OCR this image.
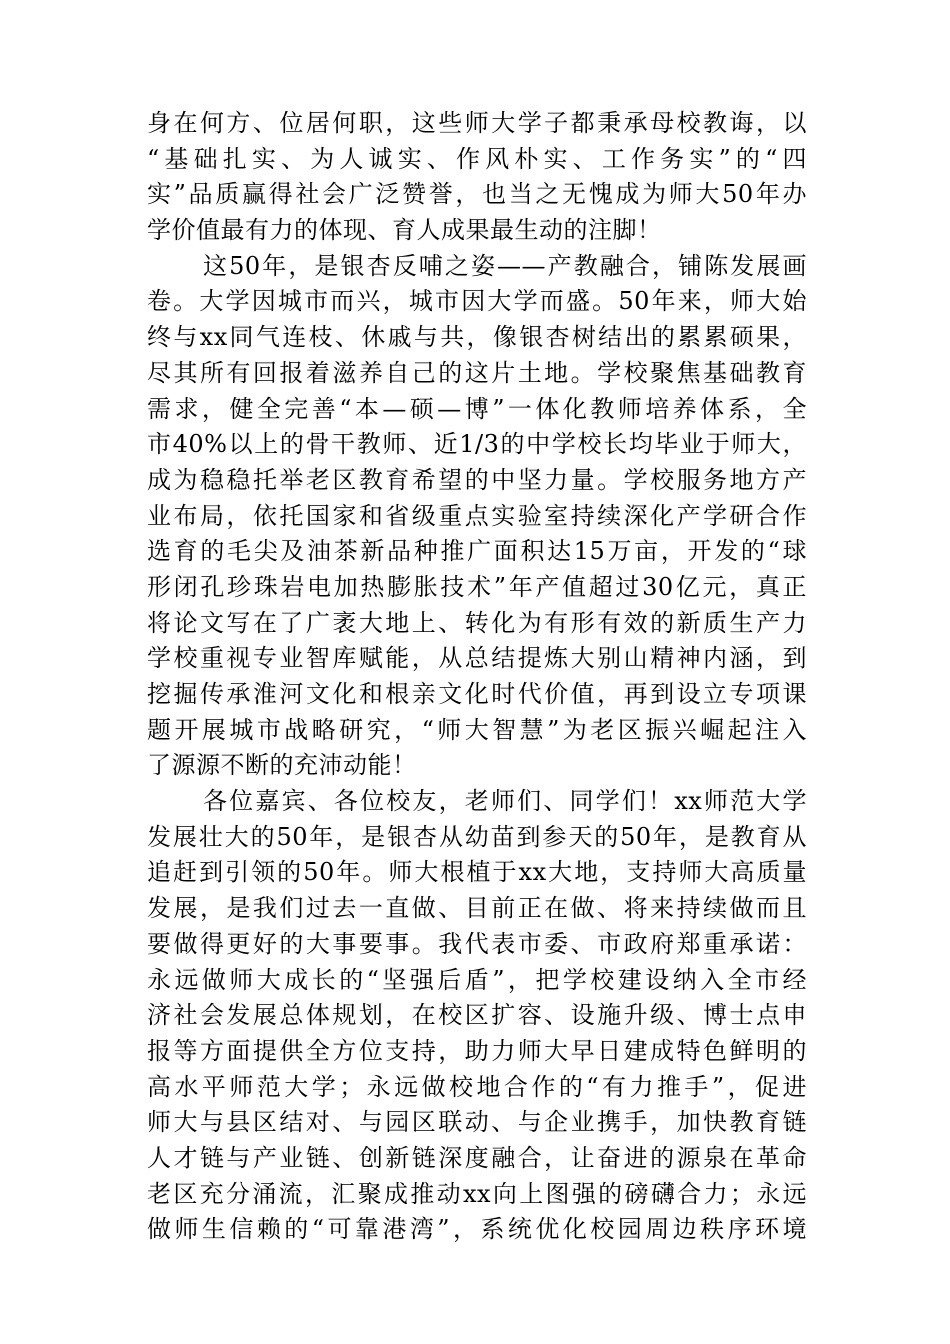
身在何方、位居何职，这些师大学子都秉承母校教诲，以
“基础扎实、为人诚实、作风朴实、工作务实”的“四
实”品质赢得社会广泛赞誉，也当之无愧成为师大50年办
学价值最有力的体现、育人成果最生动的注脚！
这50年，是银杏反哺之姿——产教融合，铺陈发展画
卷。大学因城市而兴，城市因大学而盛。50年来，师大始
终与xx同气连枝、休戚与共，像银杏树结出的累累硕果，
尽其所有回报着滋养自己的这片土地。学校聚焦基础教育
需求，健全完善“本—硕—博”一体化教师培养体系，全
市40%以上的骨干教师、近1/3的中学校长均毕业于师大，
成为稳稳托举老区教育希望的中坚力量。学校服务地方产
业布局，依托国家和省级重点实验室持续深化产学研合作
选育的毛尖及油茶新品种推广面积达15万亩，开发的“球
形闭孔珍珠岩电加热膨胀技术”年产值超过30亿元，真正
将论文写在了广袤大地上、转化为有形有效的新质生产力
学校重视专业智库赋能，从总结提炼大别山精神内涵，到
挖掘传承淮河文化和根亲文化时代价值，再到设立专项课
题开展城市战略研究，“师大智慧”为老区振兴崛起注入
了源源不断的充沛动能！
各位嘉宾、各位校友，老师们、同学们！xx师范大学
发展壮大的50年，是银杏从幼苗到参天的50年，是教育从
追赶到引领的50年。师大根植于xx大地，支持师大高质量
发展，是我们过去一直做、目前正在做、将来持续做而且
要做得更好的大事要事。我代表市委、市政府郑重承诺：
永远做师大成长的“坚强后盾”，把学校建设纳入全市经
济社会发展总体规划，在校区扩容、设施升级、博士点申
报等方面提供全方位支持，助力师大早日建成特色鲜明的
高水平师范大学；永远做校地合作的“有力推手”，促进
师大与县区结对、与园区联动、与企业携手，加快教育链
人才链与产业链、创新链深度融合，让奋进的源泉在革命
老区充分涌流，汇聚成推动xx向上图强的磅礴合力；永远
做师生信赖的“可靠港湾”，系统优化校园周边秩序环境
